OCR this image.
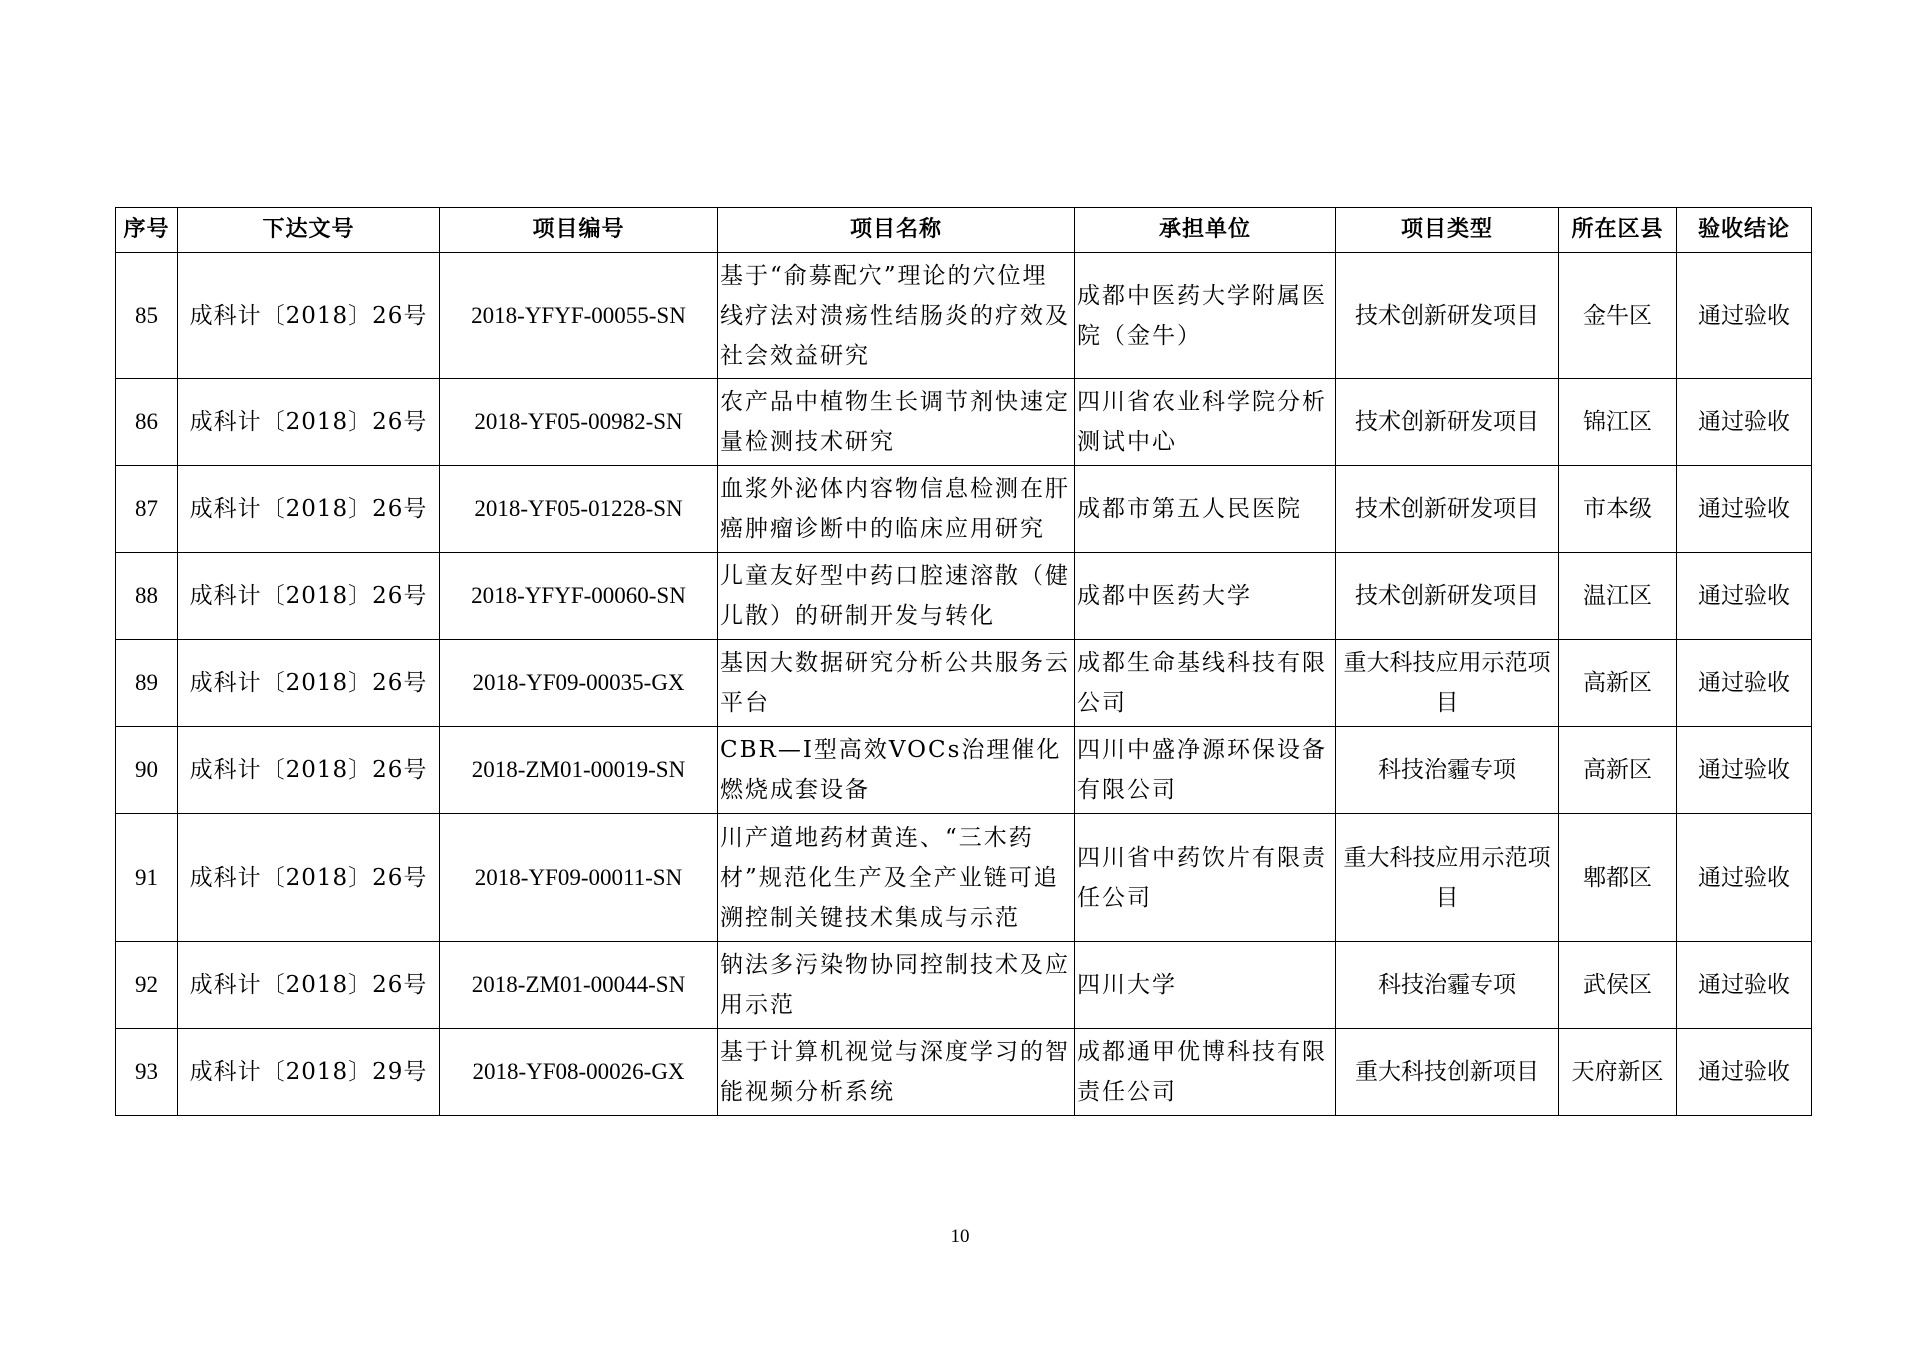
序号	下达文号	项目编号	项目名称	承担单位	项目类型	所在区县	验收结论
85	成科计〔2018〕26号	2018-YFYF-00055-SN	基于“俞募配穴”理论的穴位埋线疗法对溃疡性结肠炎的疗效及社会效益研究	成都中医药大学附属医院（金牛）	技术创新研发项目	金牛区	通过验收
86	成科计〔2018〕26号	2018-YF05-00982-SN	农产品中植物生长调节剂快速定量检测技术研究	四川省农业科学院分析测试中心	技术创新研发项目	锦江区	通过验收
87	成科计〔2018〕26号	2018-YF05-01228-SN	血浆外泌体内容物信息检测在肝癌肿瘤诊断中的临床应用研究	成都市第五人民医院	技术创新研发项目	市本级	通过验收
88	成科计〔2018〕26号	2018-YFYF-00060-SN	儿童友好型中药口腔速溶散（健儿散）的研制开发与转化	成都中医药大学	技术创新研发项目	温江区	通过验收
89	成科计〔2018〕26号	2018-YF09-00035-GX	基因大数据研究分析公共服务云平台	成都生命基线科技有限公司	重大科技应用示范项目	高新区	通过验收
90	成科计〔2018〕26号	2018-ZM01-00019-SN	CBR—I型高效VOCs治理催化燃烧成套设备	四川中盛净源环保设备有限公司	科技治霾专项	高新区	通过验收
91	成科计〔2018〕26号	2018-YF09-00011-SN	川产道地药材黄连、“三木药材”规范化生产及全产业链可追溯控制关键技术集成与示范	四川省中药饮片有限责任公司	重大科技应用示范项目	郫都区	通过验收
92	成科计〔2018〕26号	2018-ZM01-00044-SN	钠法多污染物协同控制技术及应用示范	四川大学	科技治霾专项	武侯区	通过验收
93	成科计〔2018〕29号	2018-YF08-00026-GX	基于计算机视觉与深度学习的智能视频分析系统	成都通甲优博科技有限责任公司	重大科技创新项目	天府新区	通过验收
10
